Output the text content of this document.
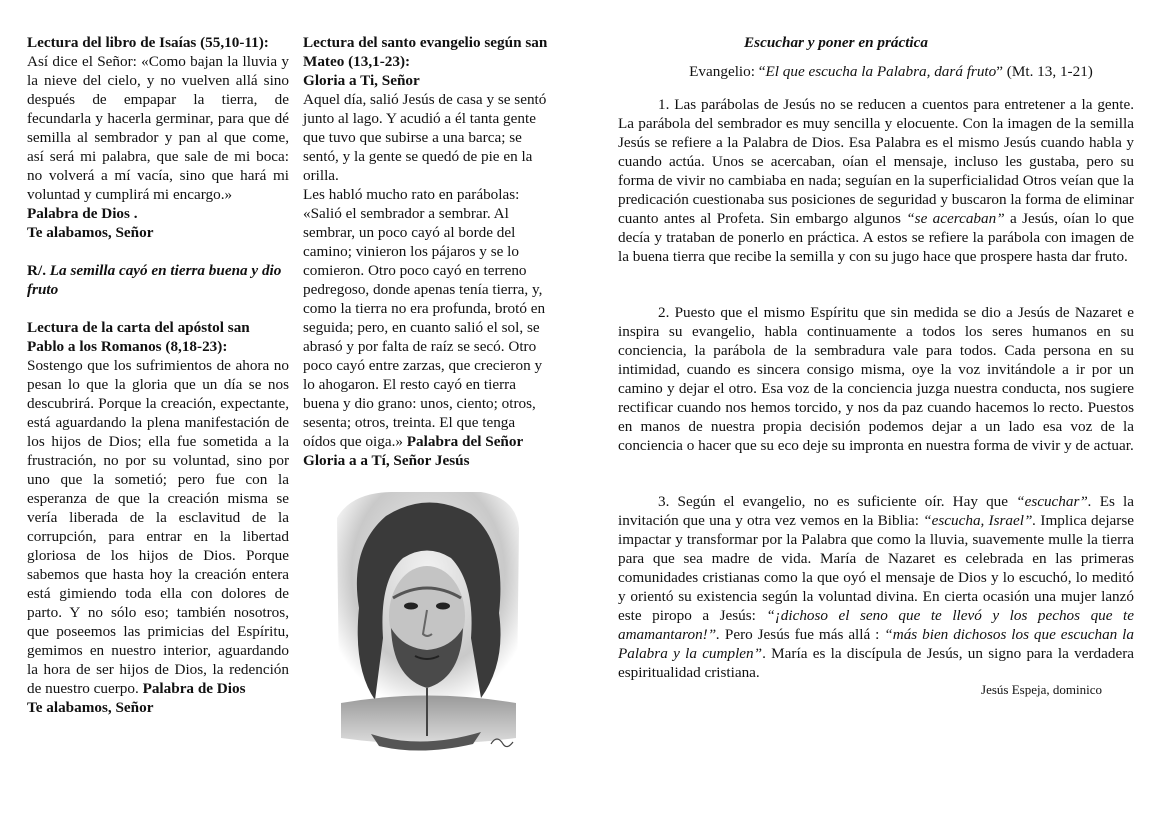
Lectura del libro de Isaías (55,10-11):

Así dice el Señor: «Como bajan la lluvia y la nieve del cielo, y no vuelven allá sino después de empapar la tierra, de fecundarla y hacerla germinar, para que dé semilla al sembrador y pan al que come, así será mi palabra, que sale de mi boca: no volverá a mí vacía, sino que hará mi voluntad y cumplirá mi encargo.»

Palabra de Dios .

Te alabamos, Señor

R/. La semilla cayó en tierra buena y dio fruto

Lectura de la carta del apóstol san Pablo a los Romanos (8,18-23):

Sostengo que los sufrimientos de ahora no pesan lo que la gloria que un día se nos descubrirá. Porque la creación, expectante, está aguardando la plena manifestación de los hijos de Dios; ella fue sometida a la frustración, no por su voluntad, sino por uno que la sometió; pero fue con la esperanza de que la creación misma se vería liberada de la esclavitud de la corrupción, para entrar en la libertad gloriosa de los hijos de Dios. Porque sabemos que hasta hoy la creación entera está gimiendo toda ella con dolores de parto. Y no sólo eso; también nosotros, que poseemos las primicias del Espíritu, gemimos en nuestro interior, aguardando la hora de ser hijos de Dios, la redención de nuestro cuerpo. Palabra de Dios

Te alabamos, Señor

Lectura del santo evangelio según san Mateo (13,1-23):

Gloria a Ti, Señor

Aquel día, salió Jesús de casa y se sentó junto al lago. Y acudió a él tanta gente que tuvo que subirse a una barca; se sentó, y la gente se quedó de pie en la orilla.

Les habló mucho rato en parábolas: «Salió el sembrador a sembrar. Al sembrar, un poco cayó al borde del camino; vinieron los pájaros y se lo comieron. Otro poco cayó en terreno pedregoso, donde apenas tenía tierra, y, como la tierra no era profunda, brotó en seguida; pero, en cuanto salió el sol, se abrasó y por falta de raíz se secó. Otro poco cayó entre zarzas, que crecieron y lo ahogaron. El resto cayó en tierra buena y dio grano: unos, ciento; otros, sesenta; otros, treinta. El que tenga oídos que oiga.» Palabra del Señor

Gloria a a Tí, Señor Jesús

Escuchar y poner en práctica

Evangelio: “El que escucha la Palabra, dará fruto” (Mt. 13, 1-21)

1. Las parábolas de Jesús no se reducen a cuentos para entretener a la gente. La parábola del sembrador es muy sencilla y elocuente. Con la imagen de la semilla Jesús se refiere a la Palabra de Dios. Esa Palabra es el mismo Jesús cuando habla y cuando actúa. Unos se acercaban, oían el mensaje, incluso les gustaba, pero su forma de vivir no cambiaba en nada; seguían en la superficialidad Otros veían que la predicación cuestionaba sus posiciones de seguridad y buscaron la forma de eliminar cuanto antes al Profeta. Sin embargo algunos “se acercaban” a Jesús, oían lo que decía y trataban de ponerlo en práctica. A estos se refiere la parábola con imagen de la buena tierra que recibe la semilla y con su jugo hace que prospere hasta dar fruto.

2. Puesto que el mismo Espíritu que sin medida se dio a Jesús de Nazaret e inspira su evangelio, habla continuamente a todos los seres humanos en su conciencia, la parábola de la sembradura vale para todos. Cada persona en su intimidad, cuando es sincera consigo misma, oye la voz invitándole a ir por un camino y dejar el otro. Esa voz de la conciencia juzga nuestra conducta, nos sugiere rectificar cuando nos hemos torcido, y nos da paz cuando hacemos lo recto. Puestos en manos de nuestra propia decisión podemos dejar a un lado esa voz de la conciencia o hacer que su eco deje su impronta en nuestra forma de vivir y de actuar.

3. Según el evangelio, no es suficiente oír. Hay que “escuchar”. Es la invitación que una y otra vez vemos en la Biblia: “escucha, Israel”. Implica dejarse impactar y transformar por la Palabra que como la lluvia, suavemente mulle la tierra para que sea madre de vida. María de Nazaret es celebrada en las primeras comunidades cristianas como la que oyó el mensaje de Dios y lo escuchó, lo meditó y orientó su existencia según la voluntad divina. En cierta ocasión una mujer lanzó este piropo a Jesús: “¡dichoso el seno que te llevó y los pechos que te amamantaron!”. Pero Jesús fue más allá : “más bien dichosos los que escuchan la Palabra y la cumplen”. María es la discípula de Jesús, un signo para la verdadera espiritualidad cristiana.

Jesús Espeja, dominico
